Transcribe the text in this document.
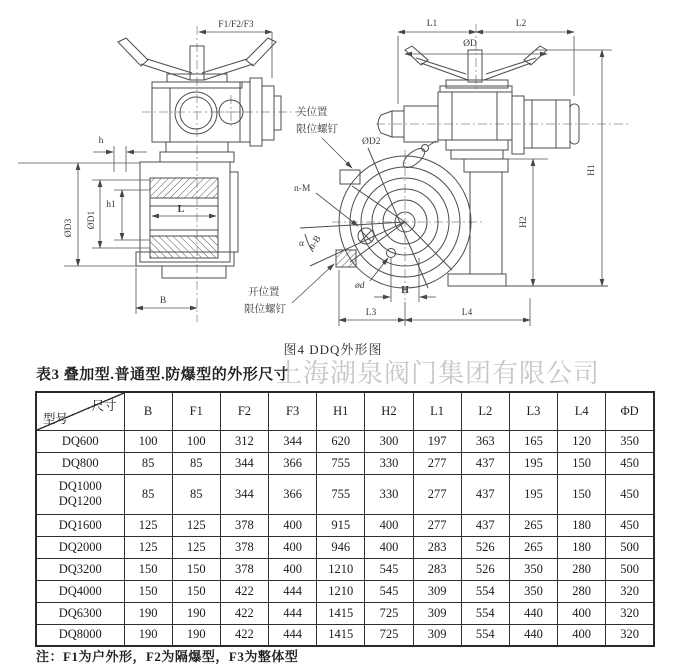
F1/F2/F3
h
ØD3 ØD1
h1	L
B
L1	L2
ØD
关位置
限位螺钉
ØD2
n-M
α n-B
ød
开位置
限位螺钉
H
L3	L4
H2
H1
图4 DDQ外形图
表3 叠加型.普通型.防爆型的外形尺寸
上海湖泉阀门集团有限公司
尺寸
型号	B	F1	F2	F3	H1	H2	L1	L2	L3	L4	ΦD
DQ600	100	100	312	344	620	300	197	363	165	120	350
DQ800	85	85	344	366	755	330	277	437	195	150	450

DQ1000
DQ1200	85	85	344	366	755	330	277	437	195	150	450
DQ1600	125	125	378	400	915	400	277	437	265	180	450
DQ2000	125	125	378	400	946	400	283	526	265	180	500
DQ3200	150	150	378	400	1210	545	283	526	350	280	500
DQ4000	150	150	422	444	1210	545	309	554	350	280	320
DQ6300	190	190	422	444	1415	725	309	554	440	400	320
DQ8000	190	190	422	444	1415	725	309	554	440	400	320
注：F1为户外形，F2为隔爆型，F3为整体型
